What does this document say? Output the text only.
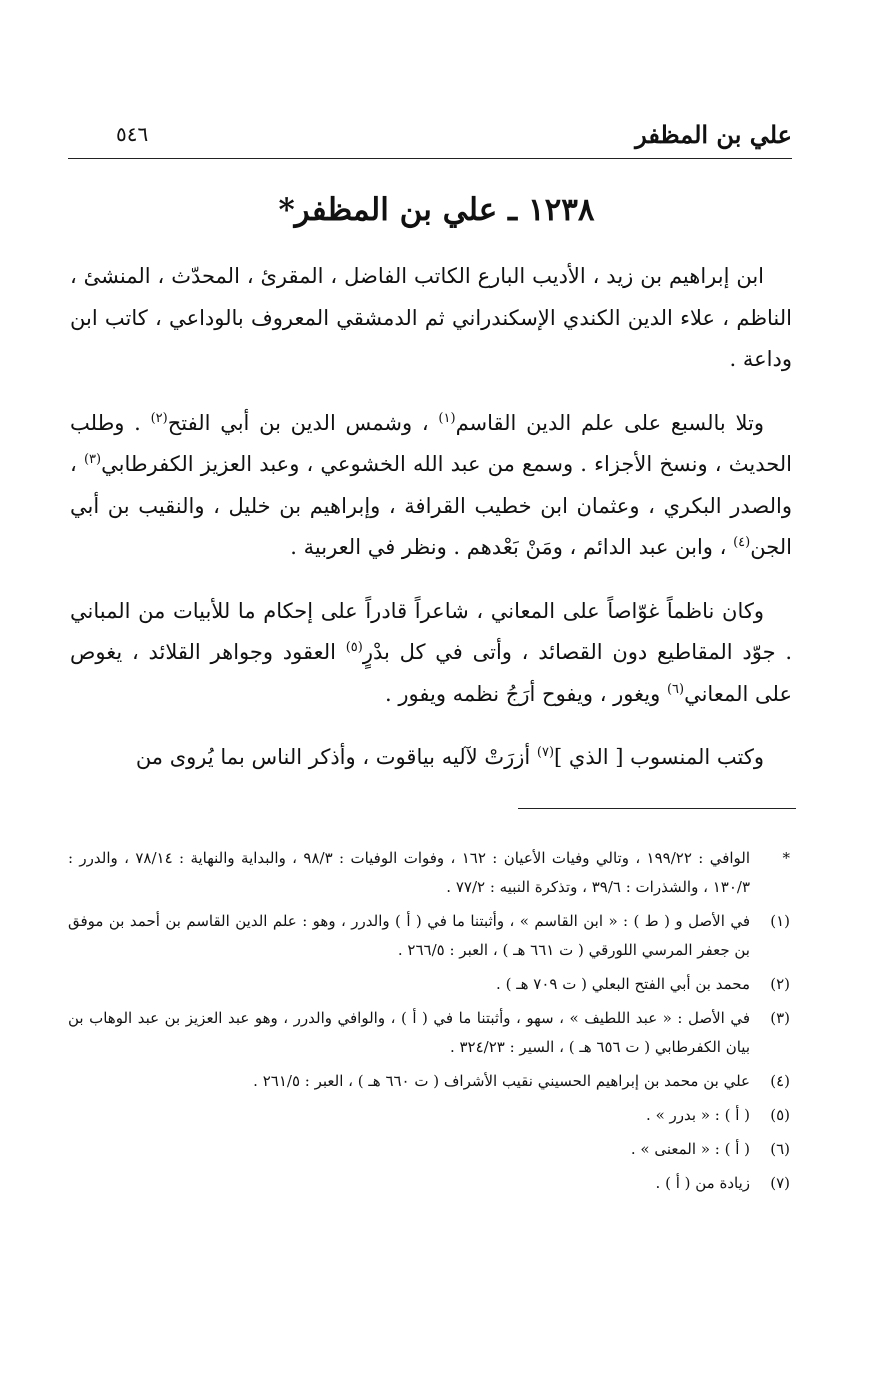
علي بن المظفر
٥٤٦
١٢٣٨ ـ علي بن المظفر*

ابن إبراهيم بن زيد ، الأديب البارع الكاتب الفاضل ، المقرئ ، المحدّث ، المنشئ ، الناظم ، علاء الدين الكندي الإسكندراني ثم الدمشقي المعروف بالوداعي ، كاتب ابن وداعة .

وتلا بالسبع على علم الدين القاسم$^{(١)}$ ، وشمس الدين بن أبي الفتح$^{(٢)}$ . وطلب الحديث ، ونسخ الأجزاء . وسمع من عبد الله الخشوعي ، وعبد العزيز الكفرطابي$^{(٣)}$ ، والصدر البكري ، وعثمان ابن خطيب القرافة ، وإبراهيم بن خليل ، والنقيب بن أبي الجن$^{(٤)}$ ، وابن عبد الدائم ، ومَنْ بَعْدهم . ونظر في العربية .

وكان ناظماً غوّاصاً على المعاني ، شاعراً قادراً على إحكام ما للأبيات من المباني . جوّد المقاطيع دون القصائد ، وأتى في كل بدْرٍ$^{(٥)}$ العقود وجواهر القلائد ، يغوص على المعاني$^{(٦)}$ ويغور ، ويفوح أرَجُ نظمه ويفور .

وكتب المنسوب [ الذي ]$^{(٧)}$ أزرَتْ لآليه بياقوت ، وأذكر الناس بما يُروى من

*
الوافي : ١٩٩/٢٢ ، وتالي وفيات الأعيان : ١٦٢ ، وفوات الوفيات : ٩٨/٣ ، والبداية والنهاية : ٧٨/١٤ ، والدرر : ١٣٠/٣ ، والشذرات : ٣٩/٦ ، وتذكرة النبيه : ٧٧/٢ .
(١)
في الأصل و ( ط ) : « ابن القاسم » ، وأثبتنا ما في ( أ ) والدرر ، وهو : علم الدين القاسم بن أحمد بن موفق بن جعفر المرسي اللورقي ( ت ٦٦١ هـ ) ، العبر : ٢٦٦/٥ .
(٢)
محمد بن أبي الفتح البعلي ( ت ٧٠٩ هـ ) .
(٣)
في الأصل : « عبد اللطيف » ، سهو ، وأثبتنا ما في ( أ ) ، والوافي والدرر ، وهو عبد العزيز بن عبد الوهاب بن بيان الكفرطابي ( ت ٦٥٦ هـ ) ، السير : ٣٢٤/٢٣ .
(٤)
علي بن محمد بن إبراهيم الحسيني نقيب الأشراف ( ت ٦٦٠ هـ ) ، العبر : ٢٦١/٥ .
(٥)
( أ ) : « بدرر » .
(٦)
( أ ) : « المعنى » .
(٧)
زيادة من ( أ ) .
